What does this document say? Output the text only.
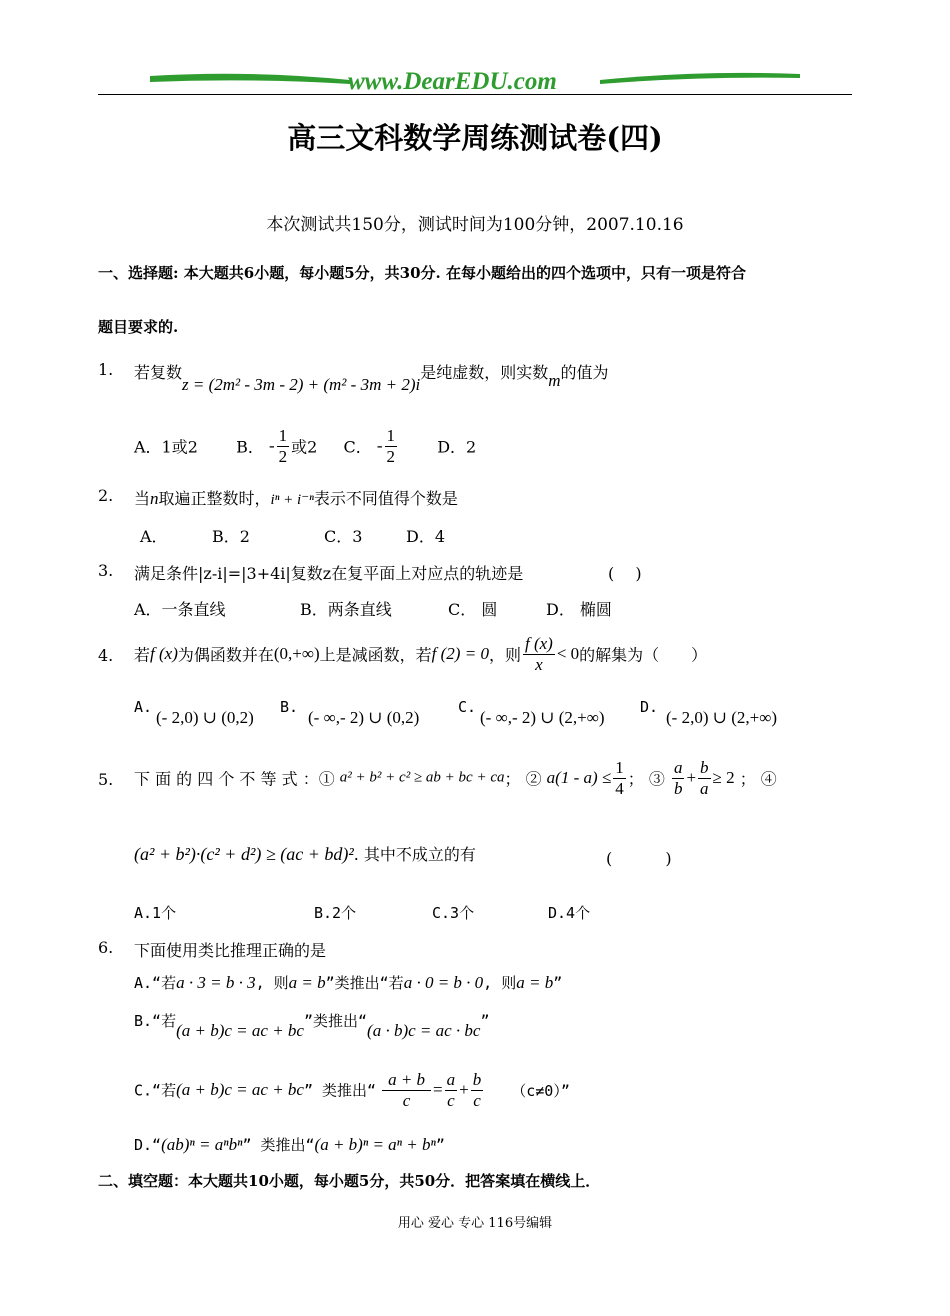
www.DearEDU.com
高三文科数学周练测试卷(四)
本次测试共150分，测试时间为100分钟，2007.10.16
一、选择题: 本大题共6小题，每小题5分，共30分. 在每小题给出的四个选项中，只有一项是符合
题目要求的.
1. 若复数z = (2m² - 3m - 2) + (m² - 3m + 2)i是纯虚数，则实数m的值为
A．1或2 B． - $\frac{1}{2}$ 或2 C． - $\frac{1}{2}$	D．2
2. 当n取遍正整数时，iⁿ + i⁻ⁿ表示不同值得个数是
A．	B．2	C．3	D．4
3. 满足条件|z-i|=|3+4i|复数z在复平面上对应点的轨迹是	(　 )
A．一条直线	B．两条直线	C． 圆	D． 椭圆
4. 若f (x)为偶函数并在(0,+∞)上是减函数，若f (2) = 0，则 $\frac{f (x)}{x} < 0$的解集为（　　）
A.
(- 2,0) ∪ (0,2)
B.
(- ∞,- 2) ∪ (0,2)
C.
(- ∞,- 2) ∪ (2,+∞)
D.
(- 2,0) ∪ (2,+∞)
5. 下 面 的 四 个 不 等 式 ：① a² + b² + c² ≥ ab + bc + ca； ② $a(1 - a) \le \frac{1}{4}$ ； ③ $\frac{a}{b} + \frac{b}{a} \ge 2$ ； ④
(a² + b²)·(c² + d²) ≥ (ac + bd)². 其中不成立的有	(　　　 )
A.1个	B.2个	C.3个	D.4个
6. 下面使用类比推理正确的是
A.“若a · 3 = b · 3, 则a = b”类推出“若a · 0 = b · 0, 则a = b”
B.“若(a + b)c = ac + bc”类推出“(a · b)c = ac · bc”
C.“若(a + b)c = ac + bc” 类推出“ $\frac{a + b}{c} = \frac{a}{c} + \frac{b}{c} (c\ne 0)$”
D.“(ab)ⁿ = aⁿbⁿ” 类推出“(a + b)ⁿ = aⁿ + bⁿ”
二、填空题：本大题共10小题，每小题5分，共50分．把答案填在横线上．
用心 爱心 专心 116号编辑
